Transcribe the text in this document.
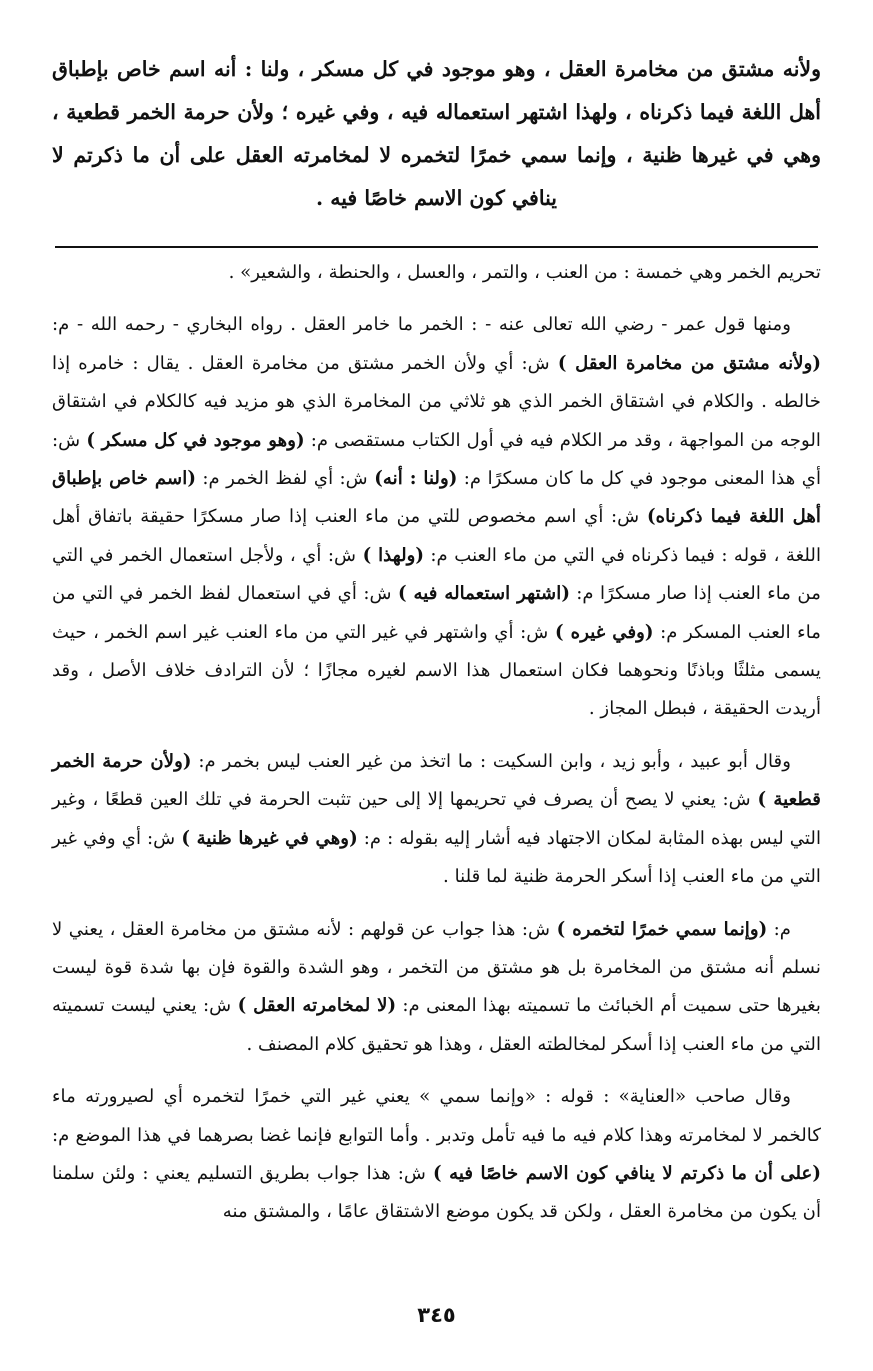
ولأنه مشتق من مخامرة العقل ، وهو موجود في كل مسكر ، ولنا : أنه اسم خاص بإطباق أهل اللغة فيما ذكرناه ، ولهذا اشتهر استعماله فيه ، وفي غيره ؛ ولأن حرمة الخمر قطعية ، وهي في غيرها ظنية ، وإنما سمي خمرًا لتخمره لا لمخامرته العقل على أن ما ذكرتم لا ينافي كون الاسم خاصًا فيه .

تحريم الخمر وهي خمسة : من العنب ، والتمر ، والعسل ، والحنطة ، والشعير» .

ومنها قول عمر - رضي الله تعالى عنه - : الخمر ما خامر العقل . رواه البخاري - رحمه الله - م: (ولأنه مشتق من مخامرة العقل ) ش: أي ولأن الخمر مشتق من مخامرة العقل . يقال : خامره إذا خالطه . والكلام في اشتقاق الخمر الذي هو ثلاثي من المخامرة الذي هو مزيد فيه كالكلام في اشتقاق الوجه من المواجهة ، وقد مر الكلام فيه في أول الكتاب مستقصى م: (وهو موجود في كل مسكر ) ش: أي هذا المعنى موجود في كل ما كان مسكرًا م: (ولنا : أنه) ش: أي لفظ الخمر م: (اسم خاص بإطباق أهل اللغة فيما ذكرناه) ش: أي اسم مخصوص للتي من ماء العنب إذا صار مسكرًا حقيقة باتفاق أهل اللغة ، قوله : فيما ذكرناه في التي من ماء العنب م: (ولهذا ) ش: أي ، ولأجل استعمال الخمر في التي من ماء العنب إذا صار مسكرًا م: (اشتهر استعماله فيه ) ش: أي في استعمال لفظ الخمر في التي من ماء العنب المسكر م: (وفي غيره ) ش: أي واشتهر في غير التي من ماء العنب غير اسم الخمر ، حيث يسمى مثلثًا وباذنًا ونحوهما فكان استعمال هذا الاسم لغيره مجازًا ؛ لأن الترادف خلاف الأصل ، وقد أريدت الحقيقة ، فبطل المجاز .

وقال أبو عبيد ، وأبو زيد ، وابن السكيت : ما اتخذ من غير العنب ليس بخمر م: (ولأن حرمة الخمر قطعية ) ش: يعني لا يصح أن يصرف في تحريمها إلا إلى حين تثبت الحرمة في تلك العين قطعًا ، وغير التي ليس بهذه المثابة لمكان الاجتهاد فيه أشار إليه بقوله : م: (وهي في غيرها ظنية ) ش: أي وفي غير التي من ماء العنب إذا أسكر الحرمة ظنية لما قلنا .

م: (وإنما سمي خمرًا لتخمره ) ش: هذا جواب عن قولهم : لأنه مشتق من مخامرة العقل ، يعني لا نسلم أنه مشتق من المخامرة بل هو مشتق من التخمر ، وهو الشدة والقوة فإن بها شدة قوة ليست بغيرها حتى سميت أم الخبائث ما تسميته بهذا المعنى م: (لا لمخامرته العقل ) ش: يعني ليست تسميته التي من ماء العنب إذا أسكر لمخالطته العقل ، وهذا هو تحقيق كلام المصنف .

وقال صاحب «العناية» : قوله : «وإنما سمي » يعني غير التي خمرًا لتخمره أي لصيرورته ماء كالخمر لا لمخامرته وهذا كلام فيه ما فيه تأمل وتدبر . وأما التوابع فإنما غضا بصرهما في هذا الموضع م: (على أن ما ذكرتم لا ينافي كون الاسم خاصًا فيه ) ش: هذا جواب بطريق التسليم يعني : ولئن سلمنا أن يكون من مخامرة العقل ، ولكن قد يكون موضع الاشتقاق عامًا ، والمشتق منه

٣٤٥
